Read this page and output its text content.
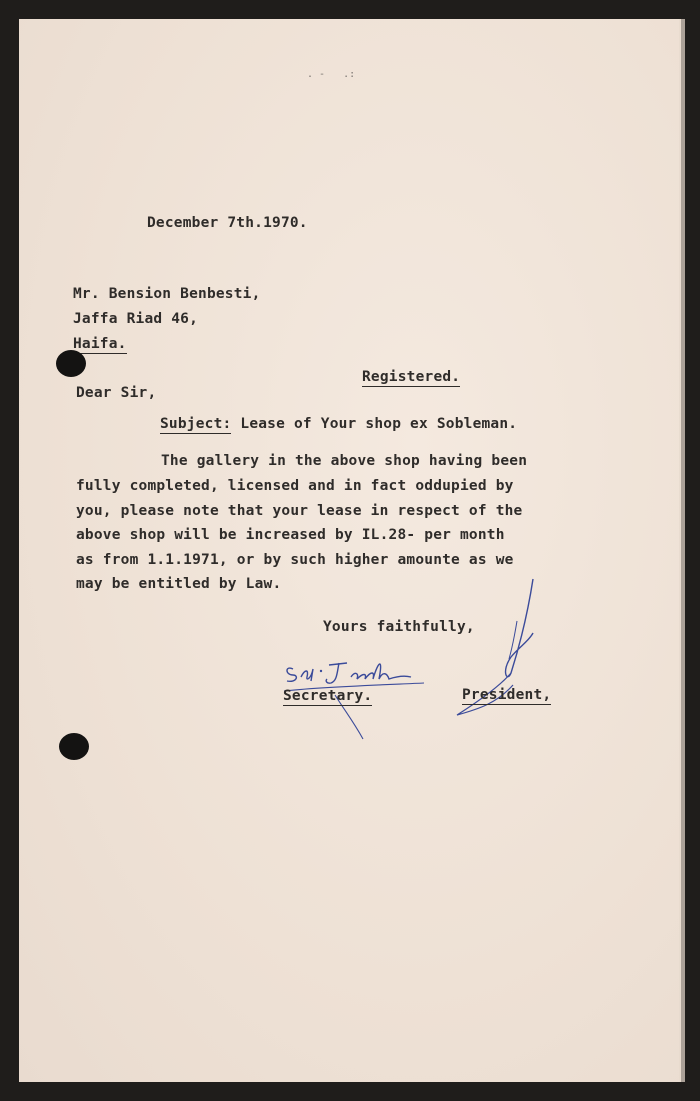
. -   .:
December 7th.1970.
Mr. Bension Benbesti,
Jaffa Riad 46,
Haifa.
Registered.
Dear Sir,
Subject: Lease of Your shop ex Sobleman.
The gallery in the above shop having been
fully completed, licensed and in fact oddupied by
you, please note that your lease in respect of the
above shop will be increased by IL.28- per month
as from 1.1.1971, or by such higher amounte as we
may be entitled by Law.
Yours faithfully,
Secretary.	President,
